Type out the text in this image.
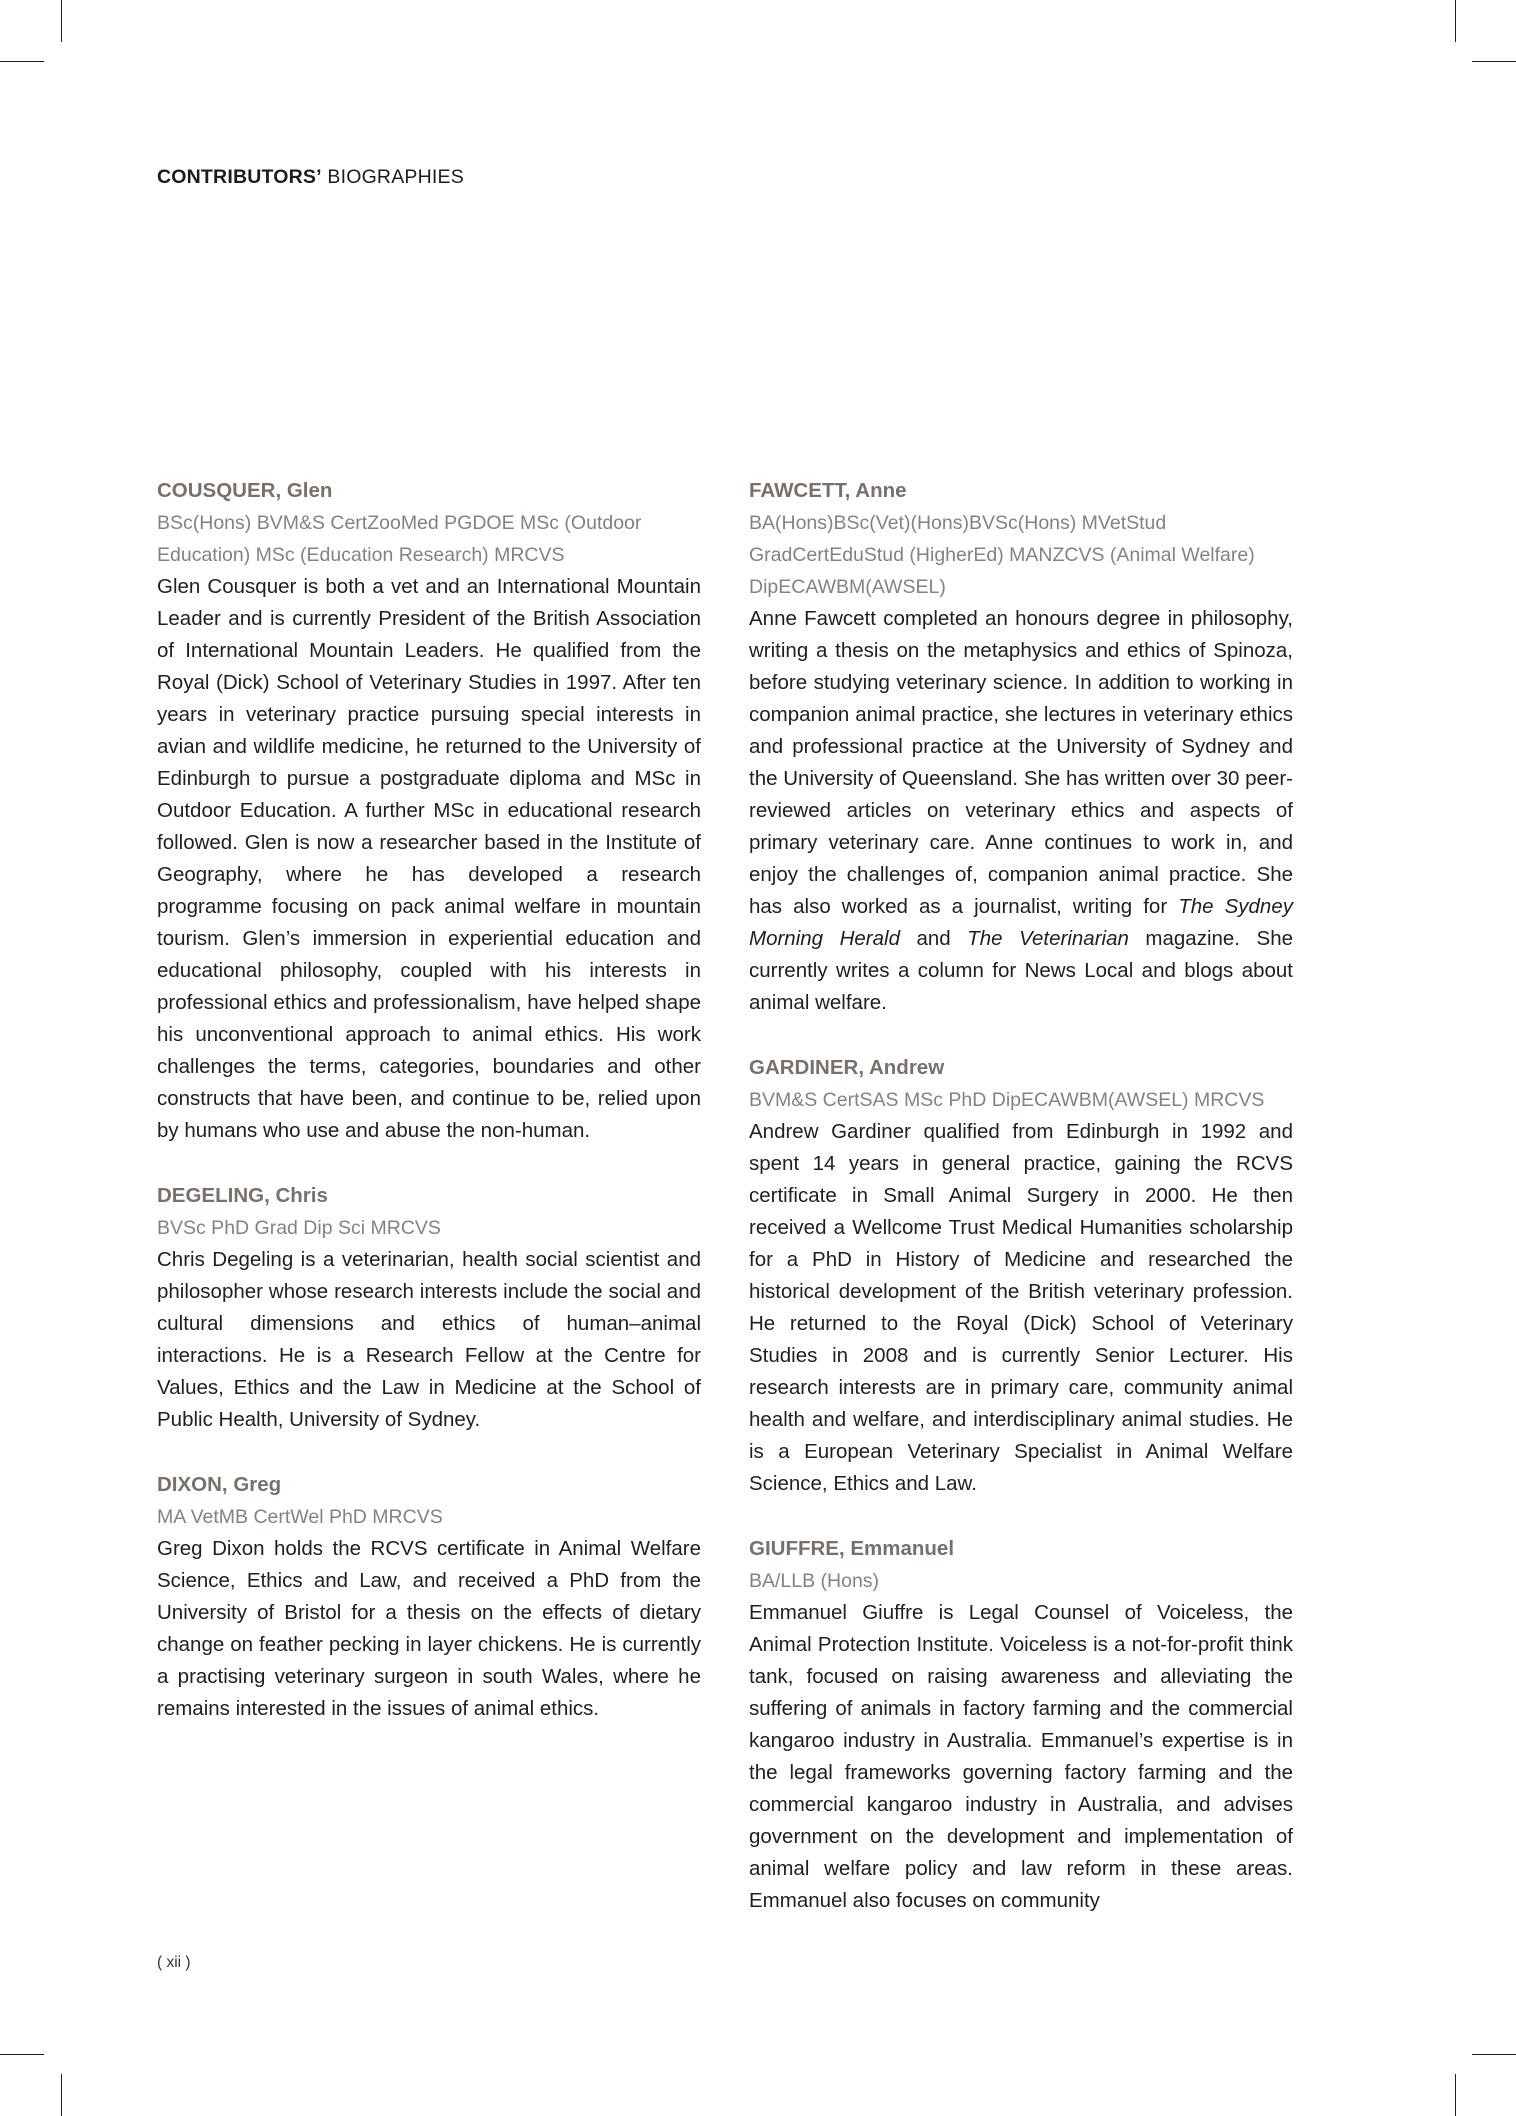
CONTRIBUTORS’ BIOGRAPHIES
COUSQUER, Glen
BSc(Hons) BVM&S CertZooMed PGDOE MSc (Outdoor Education) MSc (Education Research) MRCVS
Glen Cousquer is both a vet and an International Mountain Leader and is currently President of the British Association of International Mountain Leaders. He qualified from the Royal (Dick) School of Veterinary Studies in 1997. After ten years in veterinary practice pursuing special interests in avian and wildlife medicine, he returned to the University of Edinburgh to pursue a postgraduate diploma and MSc in Outdoor Education. A further MSc in educational research followed. Glen is now a researcher based in the Institute of Geography, where he has developed a research programme focusing on pack animal welfare in mountain tourism. Glen’s immersion in experiential education and educational philosophy, coupled with his interests in professional ethics and professionalism, have helped shape his unconventional approach to animal ethics. His work challenges the terms, categories, boundaries and other constructs that have been, and continue to be, relied upon by humans who use and abuse the non-human.
DEGELING, Chris
BVSc PhD Grad Dip Sci MRCVS
Chris Degeling is a veterinarian, health social scientist and philosopher whose research interests include the social and cultural dimensions and ethics of human–animal interactions. He is a Research Fellow at the Centre for Values, Ethics and the Law in Medicine at the School of Public Health, University of Sydney.
DIXON, Greg
MA VetMB CertWel PhD MRCVS
Greg Dixon holds the RCVS certificate in Animal Welfare Science, Ethics and Law, and received a PhD from the University of Bristol for a thesis on the effects of dietary change on feather pecking in layer chickens. He is currently a practising veterinary surgeon in south Wales, where he remains interested in the issues of animal ethics.
FAWCETT, Anne
BA(Hons)BSc(Vet)(Hons)BVSc(Hons) MVetStud GradCertEduStud (HigherEd) MANZCVS (Animal Welfare) DipECAWBM(AWSEL)
Anne Fawcett completed an honours degree in philosophy, writing a thesis on the metaphysics and ethics of Spinoza, before studying veterinary science. In addition to working in companion animal practice, she lectures in veterinary ethics and professional practice at the University of Sydney and the University of Queensland. She has written over 30 peer-reviewed articles on veterinary ethics and aspects of primary veterinary care. Anne continues to work in, and enjoy the challenges of, companion animal practice. She has also worked as a journalist, writing for The Sydney Morning Herald and The Veterinarian magazine. She currently writes a column for News Local and blogs about animal welfare.
GARDINER, Andrew
BVM&S CertSAS MSc PhD DipECAWBM(AWSEL) MRCVS
Andrew Gardiner qualified from Edinburgh in 1992 and spent 14 years in general practice, gaining the RCVS certificate in Small Animal Surgery in 2000. He then received a Wellcome Trust Medical Humanities scholarship for a PhD in History of Medicine and researched the historical development of the British veterinary profession. He returned to the Royal (Dick) School of Veterinary Studies in 2008 and is currently Senior Lecturer. His research interests are in primary care, community animal health and welfare, and interdisciplinary animal studies. He is a European Veterinary Specialist in Animal Welfare Science, Ethics and Law.
GIUFFRE, Emmanuel
BA/LLB (Hons)
Emmanuel Giuffre is Legal Counsel of Voiceless, the Animal Protection Institute. Voiceless is a not-for-profit think tank, focused on raising awareness and alleviating the suffering of animals in factory farming and the commercial kangaroo industry in Australia. Emmanuel’s expertise is in the legal frameworks governing factory farming and the commercial kangaroo industry in Australia, and advises government on the development and implementation of animal welfare policy and law reform in these areas. Emmanuel also focuses on community
( xii )
